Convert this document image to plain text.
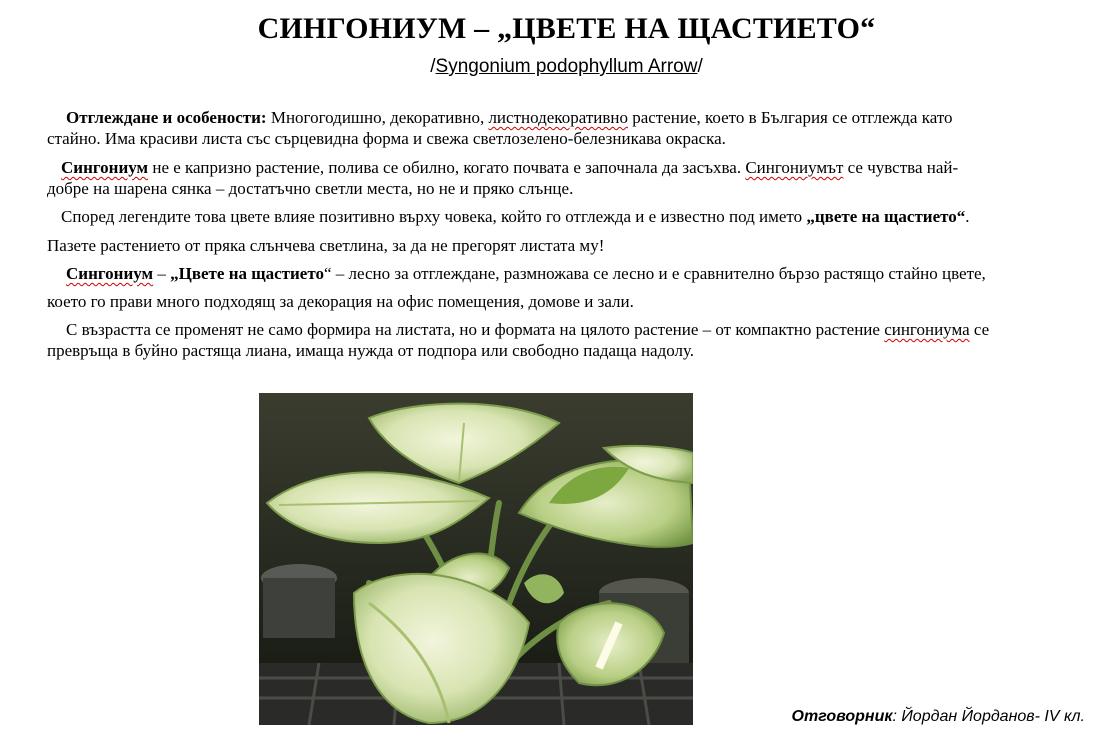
СИНГОНИУМ – „ЦВЕТЕ НА ЩАСТИЕТО“
/Syngonium podophyllum Arrow/
Отглеждане и особености: Многогодишно, декоративно, листнодекоративно растение, което в България се отглежда като
стайно. Има красиви листа със сърцевидна форма и свежа светлозелено-белезникава окраска.
Сингониум не е капризно растение, полива се обилно, когато почвата е започнала да засъхва. Сингониумът се чувства най-
добре на шарена сянка – достатъчно светли места, но не и пряко слънце.
Според легендите това цвете влияе позитивно върху човека, който го отглежда и е известно под името „цвете на щастието“.
Пазете растението от пряка слънчева светлина, за да не прегорят листата му!
Сингониум – „Цвете на щастието“ – лесно за отглеждане, размножава се лесно и е сравнително бързо растящо стайно цвете,
което го прави много подходящ за декорация на офис помещения, домове и зали.
С възрастта се променят не само формира на листата, но и формата на цялото растение – от компактно растение сингониума се
превръща в буйно растяща лиана, имаща нужда от подпора или свободно падаща надолу.
Отговорник: Йордан Йорданов- IV кл.
